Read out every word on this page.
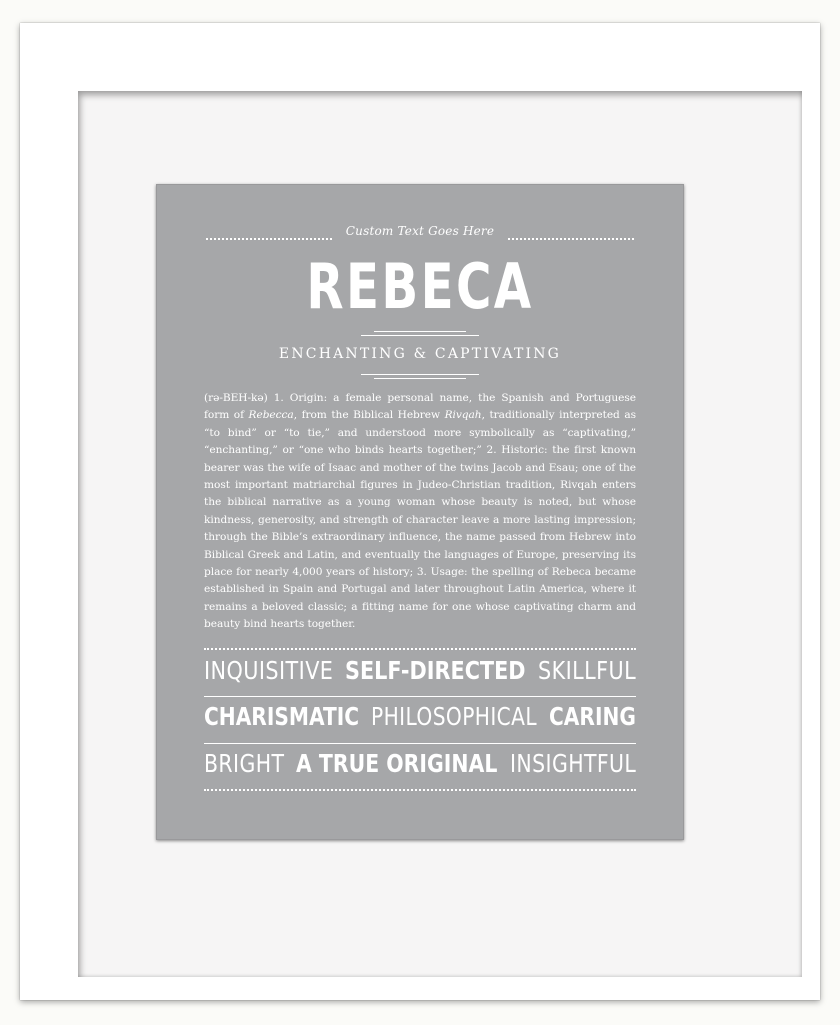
Custom Text Goes Here
REBECA
ENCHANTING & CAPTIVATING

(rə-BEH-kə) 1. Origin: a female personal name, the Spanish and Portuguese form of Rebecca, from the Biblical Hebrew Rivqah, traditionally interpreted as “to bind” or “to tie,” and understood more symbolically as “captivating,” “enchanting,” or “one who binds hearts together;” 2. Historic: the first known bearer was the wife of Isaac and mother of the twins Jacob and Esau; one of the most important matriarchal figures in Judeo-Christian tradition, Rivqah enters the biblical narrative as a young woman whose beauty is noted, but whose kindness, generosity, and strength of character leave a more lasting impression; through the Bible’s extraordinary influence, the name passed from Hebrew into Biblical Greek and Latin, and eventually the languages of Europe, preserving its place for nearly 4,000 years of history; 3. Usage: the spelling of Rebeca became established in Spain and Portugal and later throughout Latin America, where it remains a beloved classic; a fitting name for one whose captivating charm and beauty bind hearts together.

INQUISITIVE SELF-DIRECTED SKILLFUL
CHARISMATIC PHILOSOPHICAL CARING
BRIGHT A TRUE ORIGINAL INSIGHTFUL
